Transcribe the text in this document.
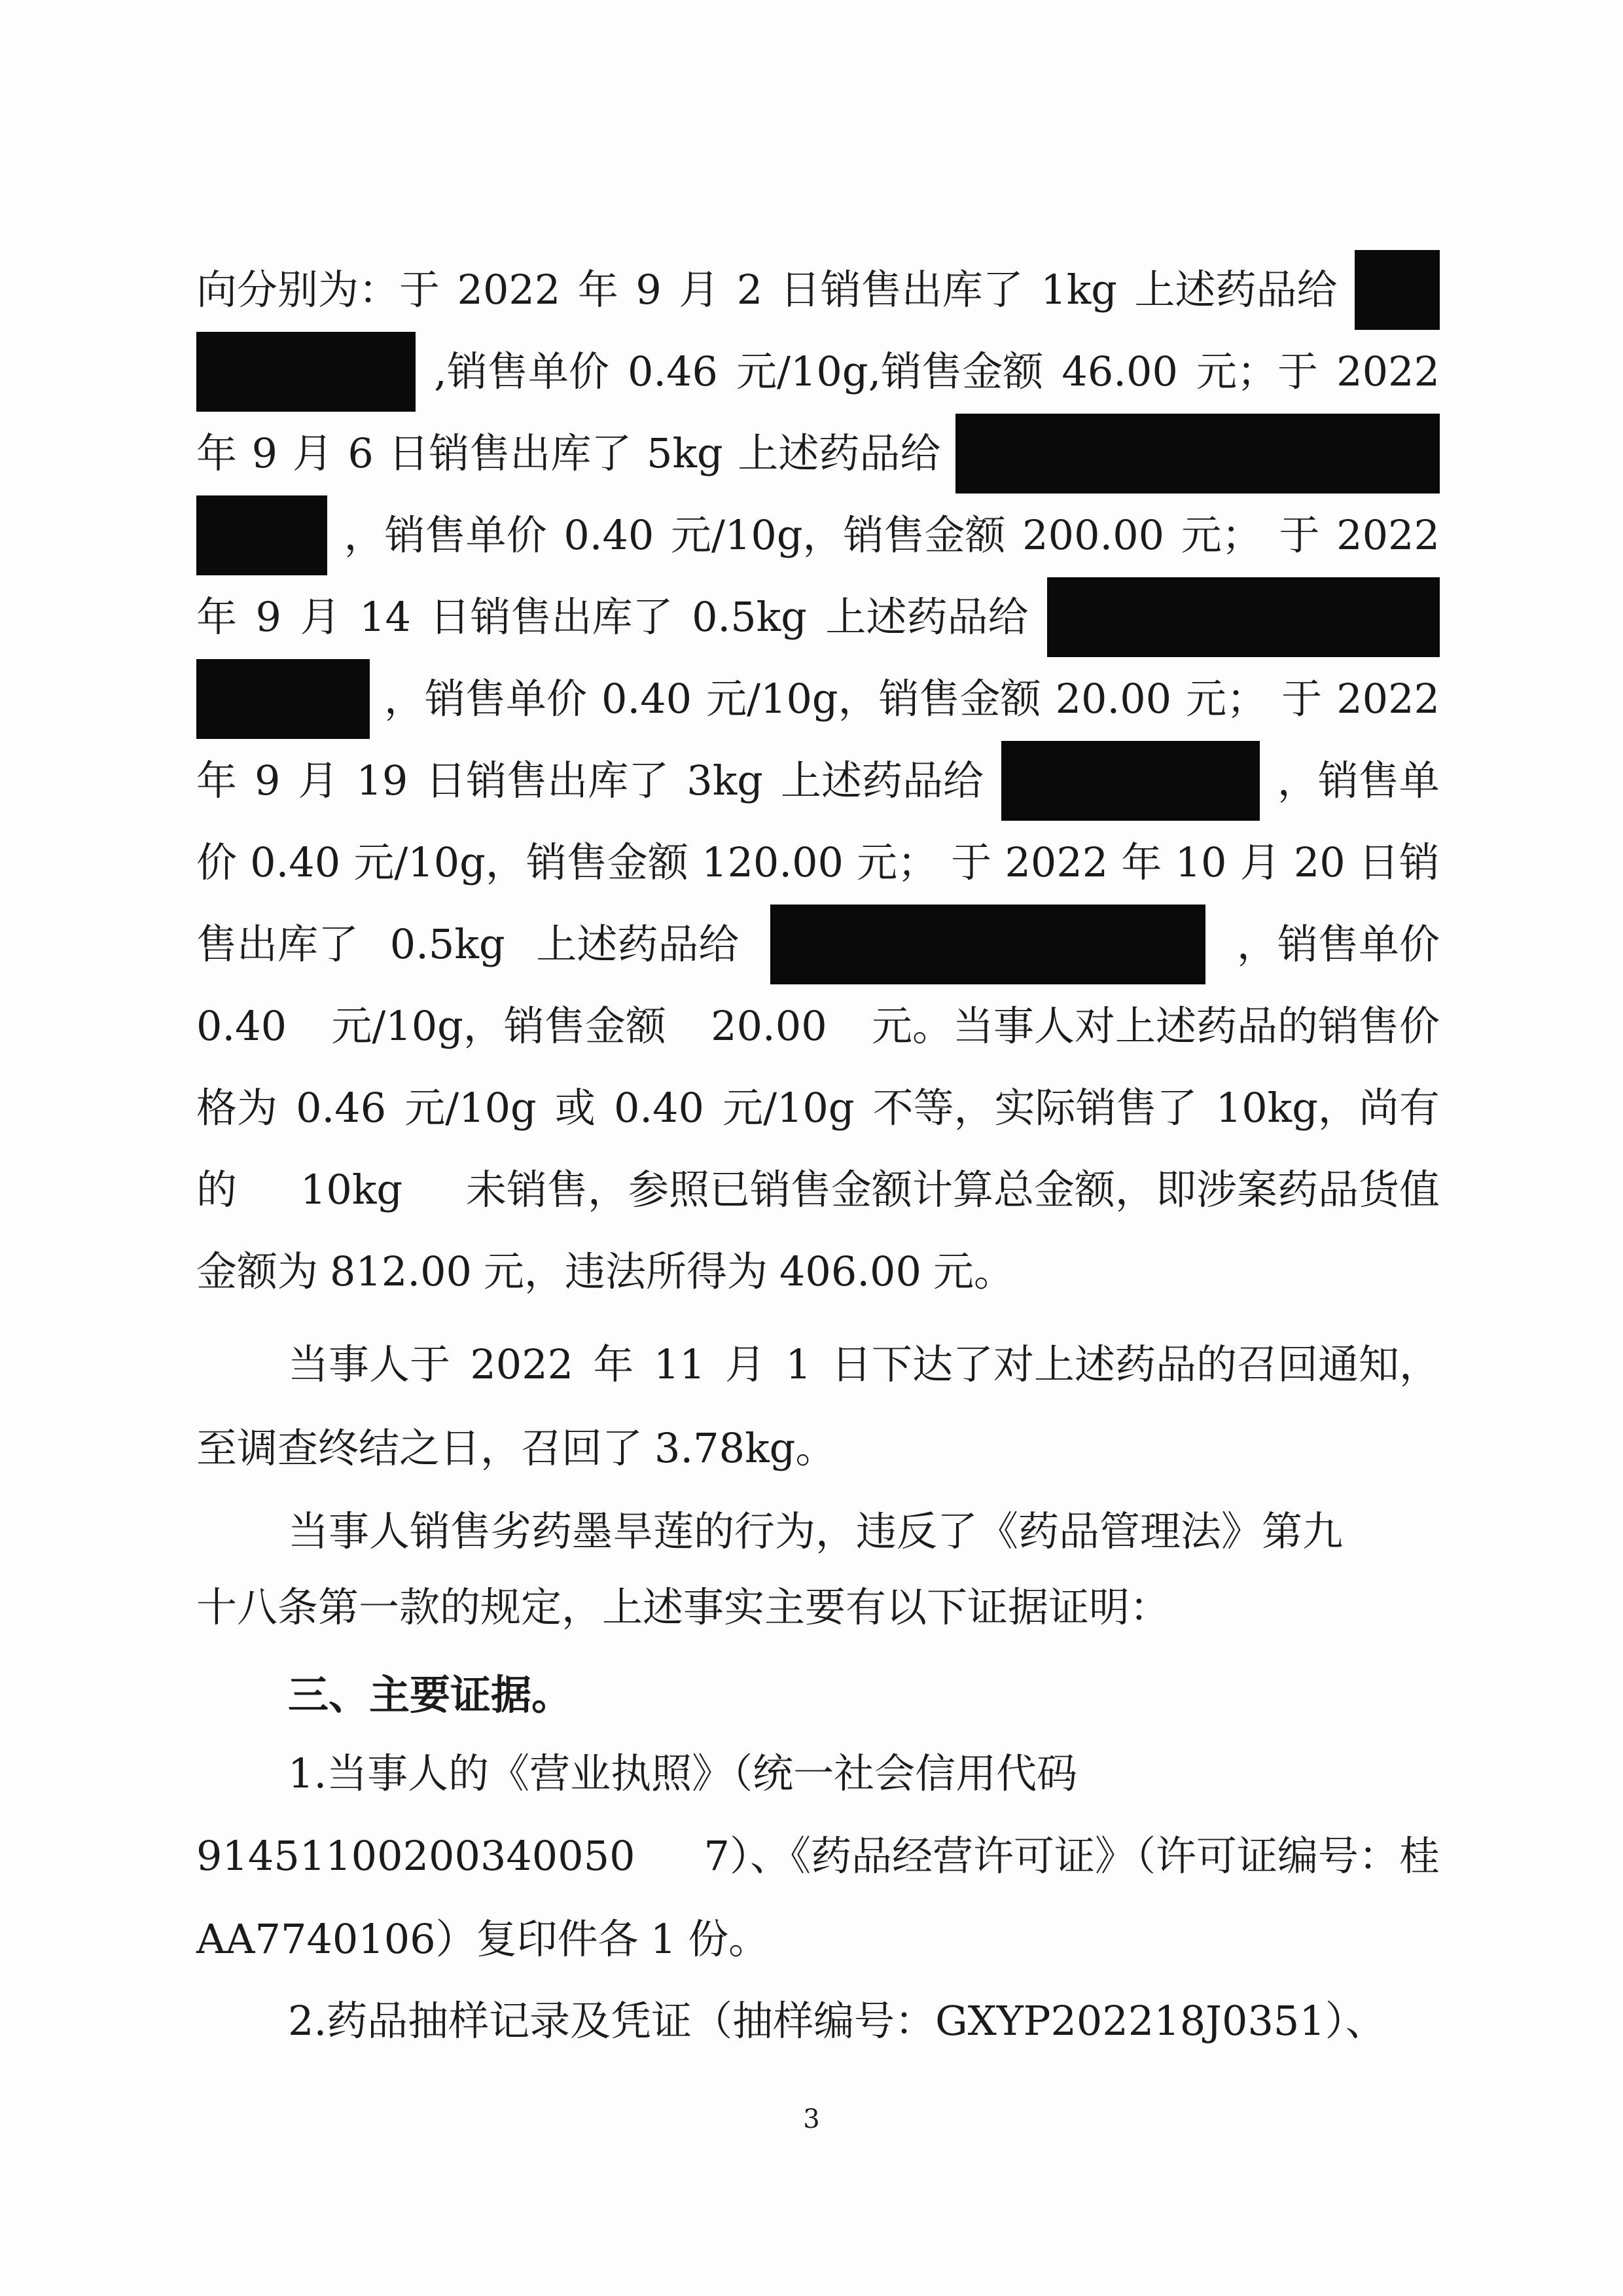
向分别为：于 2022 年 9 月 2 日销售出库了 1kg 上述药品给
,销售单价 0.46 元/10g,销售金额 46.00 元；于 2022
年 9 月 6 日销售出库了 5kg 上述药品给
，销售单价 0.40 元/10g，销售金额 200.00 元； 于 2022
年 9 月 14 日销售出库了 0.5kg 上述药品给
，销售单价 0.40 元/10g，销售金额 20.00 元； 于 2022
年 9 月 19 日销售出库了 3kg 上述药品给	，销售单
价 0.40 元/10g，销售金额 120.00 元； 于 2022 年 10 月 20 日销
售出库了 0.5kg 上述药品给	，销售单价
0.40 元/10g，销售金额 20.00 元。当事人对上述药品的销售价
格为 0.46 元/10g 或 0.40 元/10g 不等，实际销售了 10kg，尚有
的 10kg 未销售，参照已销售金额计算总金额，即涉案药品货值
金额为 812.00 元，违法所得为 406.00 元。
当事人于 2022 年 11 月 1 日下达了对上述药品的召回通知，
至调查终结之日，召回了 3.78kg。
当事人销售劣药墨旱莲的行为，违反了《药品管理法》第九
十八条第一款的规定，上述事实主要有以下证据证明：
三、主要证据。
1.当事人的《营业执照》（统一社会信用代码
91451100200340050 7）、《药品经营许可证》（许可证编号：桂
AA7740106）复印件各 1 份。
2.药品抽样记录及凭证（抽样编号：GXYP202218J0351）、
3
